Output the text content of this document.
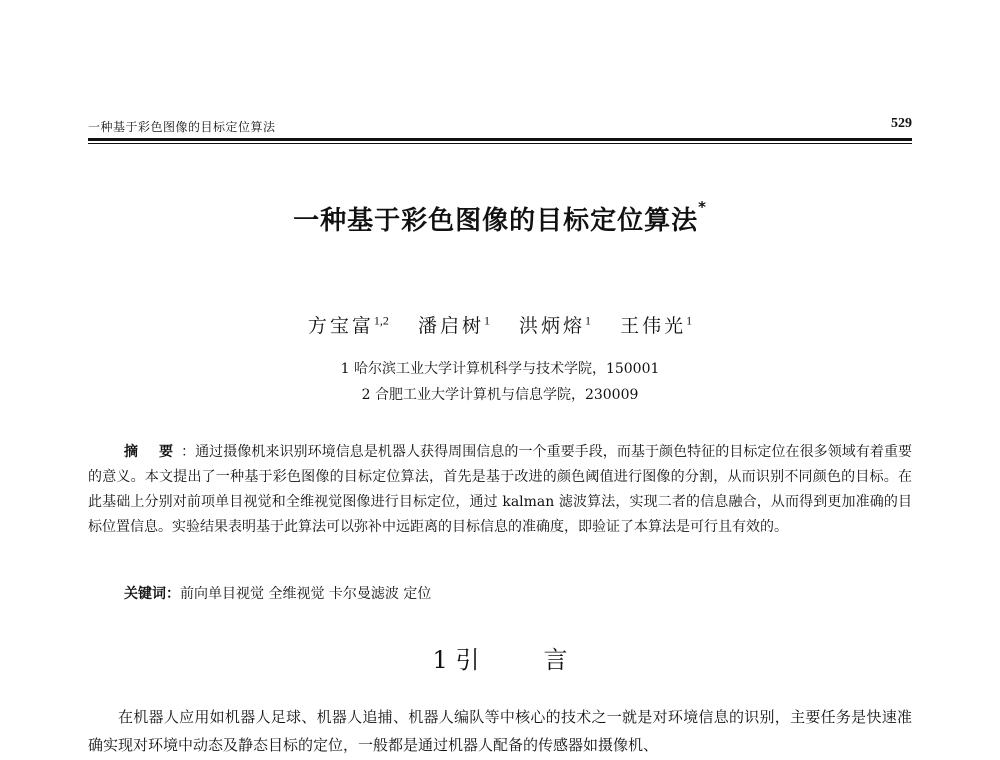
一种基于彩色图像的目标定位算法	529
一种基于彩色图像的目标定位算法*
方宝富$^{1,2}$ 潘启树$^1$ 洪炳熔$^1$ 王伟光$^1$
1 哈尔滨工业大学计算机科学与技术学院，150001
2 合肥工业大学计算机与信息学院，230009

摘 要：通过摄像机来识别环境信息是机器人获得周围信息的一个重要手段，而基于颜色特征的目标定位在很多领域有着重要的意义。本文提出了一种基于彩色图像的目标定位算法，首先是基于改进的颜色阈值进行图像的分割，从而识别不同颜色的目标。在此基础上分别对前项单目视觉和全维视觉图像进行目标定位，通过 kalman 滤波算法，实现二者的信息融合，从而得到更加准确的目标位置信息。实验结果表明基于此算法可以弥补中远距离的目标信息的准确度，即验证了本算法是可行且有效的。

关键词：前向单目视觉 全维视觉 卡尔曼滤波 定位
1 引	言

在机器人应用如机器人足球、机器人追捕、机器人编队等中核心的技术之一就是对环境信息的识别，主要任务是快速准确实现对环境中动态及静态目标的定位，一般都是通过机器人配备的传感器如摄像机、
